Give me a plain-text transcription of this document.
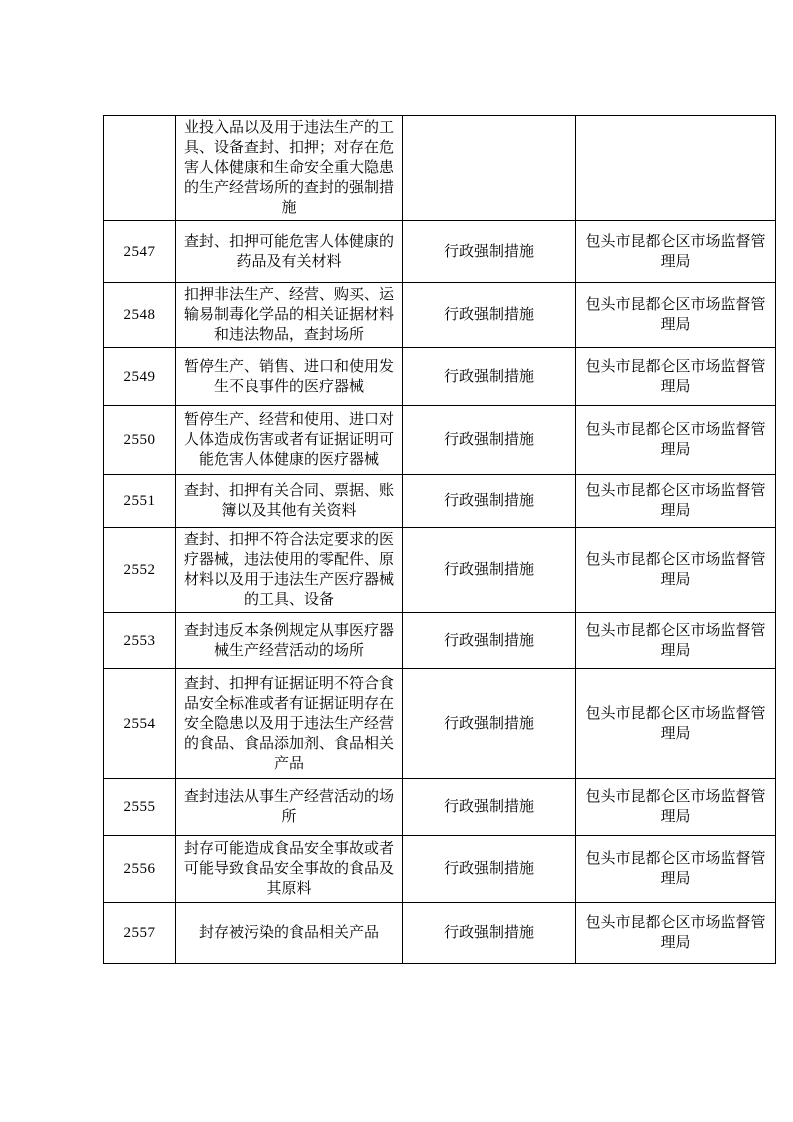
	业投入品以及用于违法生产的工具、设备查封、扣押；对存在危害人体健康和生命安全重大隐患的生产经营场所的查封的强制措施		
2547	查封、扣押可能危害人体健康的药品及有关材料	行政强制措施	包头市昆都仑区市场监督管理局
2548	扣押非法生产、经营、购买、运输易制毒化学品的相关证据材料和违法物品，查封场所	行政强制措施	包头市昆都仑区市场监督管理局
2549	暂停生产、销售、进口和使用发生不良事件的医疗器械	行政强制措施	包头市昆都仑区市场监督管理局
2550	暂停生产、经营和使用、进口对人体造成伤害或者有证据证明可能危害人体健康的医疗器械	行政强制措施	包头市昆都仑区市场监督管理局
2551	查封、扣押有关合同、票据、账簿以及其他有关资料	行政强制措施	包头市昆都仑区市场监督管理局
2552	查封、扣押不符合法定要求的医疗器械，违法使用的零配件、原材料以及用于违法生产医疗器械的工具、设备	行政强制措施	包头市昆都仑区市场监督管理局
2553	查封违反本条例规定从事医疗器械生产经营活动的场所	行政强制措施	包头市昆都仑区市场监督管理局
2554	查封、扣押有证据证明不符合食品安全标准或者有证据证明存在安全隐患以及用于违法生产经营的食品、食品添加剂、食品相关产品	行政强制措施	包头市昆都仑区市场监督管理局
2555	查封违法从事生产经营活动的场所	行政强制措施	包头市昆都仑区市场监督管理局
2556	封存可能造成食品安全事故或者可能导致食品安全事故的食品及其原料	行政强制措施	包头市昆都仑区市场监督管理局
2557	封存被污染的食品相关产品	行政强制措施	包头市昆都仑区市场监督管理局
